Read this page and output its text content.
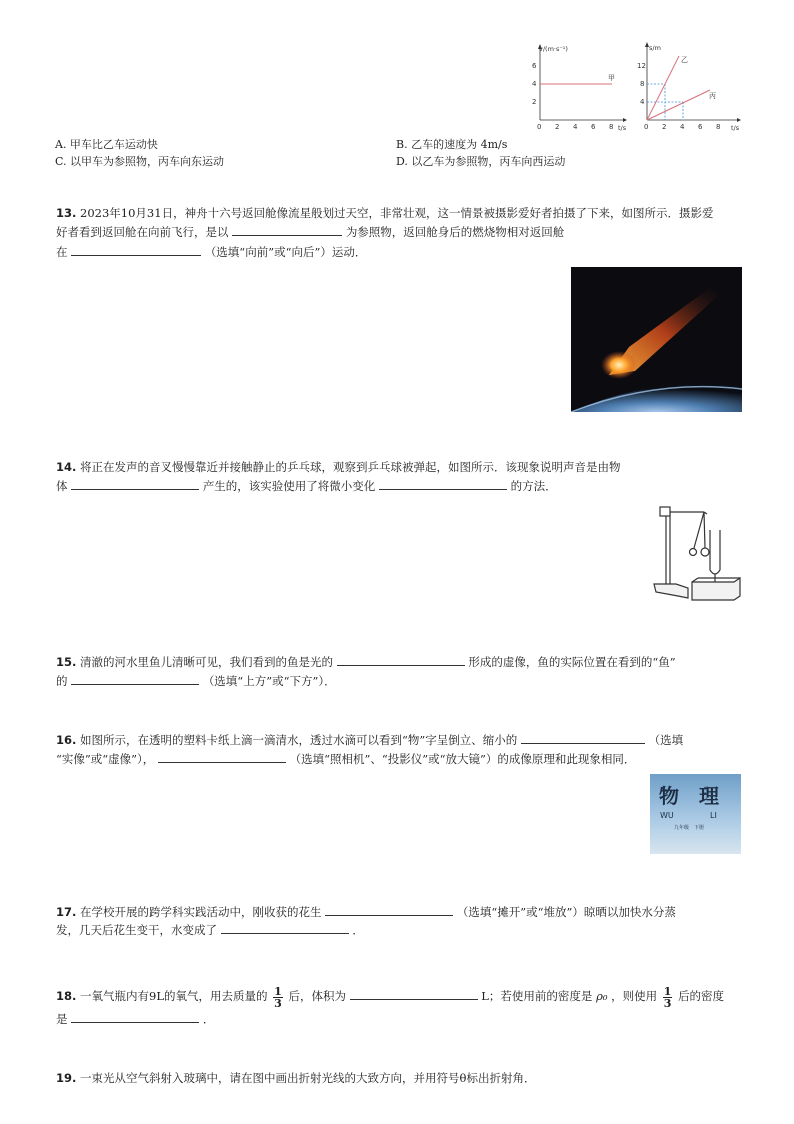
v/(m·s⁻¹)
t/s
2
4
6
0 2 4 6 8
甲
s/m
t/s
4
8
12
0 2 4 6 8
乙
丙
A. 甲车比乙车运动快	B. 乙车的速度为 4m/s
C. 以甲车为参照物，丙车向东运动	D. 以乙车为参照物，丙车向西运动
13. 2023年10月31日，神舟十六号返回舱像流星般划过天空，非常壮观，这一情景被摄影爱好者拍摄了下来，如图所示．摄影爱
好者看到返回舱在向前飞行，是以	为参照物，返回舱身后的燃烧物相对返回舱
在	（选填“向前”或“向后”）运动．
14. 将正在发声的音叉慢慢靠近并接触静止的乒乓球，观察到乒乓球被弹起，如图所示．该现象说明声音是由物
体	产生的，该实验使用了将微小变化	的方法．
15. 清澈的河水里鱼儿清晰可见，我们看到的鱼是光的	形成的虚像，鱼的实际位置在看到的“鱼”
的	（选填“上方”或“下方”）．
16. 如图所示，在透明的塑料卡纸上滴一滴清水，透过水滴可以看到“物”字呈倒立、缩小的	（选填
“实像”或“虚像”），	（选填“照相机”、“投影仪”或“放大镜”）的成像原理和此现象相同．
物　理
WU	LI
九年级　下册
17. 在学校开展的跨学科实践活动中，刚收获的花生	（选填“摊开”或“堆放”）晾晒以加快水分蒸
发，几天后花生变干，水变成了	．
18. 一氧气瓶内有9L的氧气，用去质量的 $\frac{1}{3}$ 后，体积为	L；若使用前的密度是 ρ₀ ，则使用 $\frac{1}{3}$ 后的密度
是	．
19. 一束光从空气斜射入玻璃中，请在图中画出折射光线的大致方向，并用符号θ标出折射角．
